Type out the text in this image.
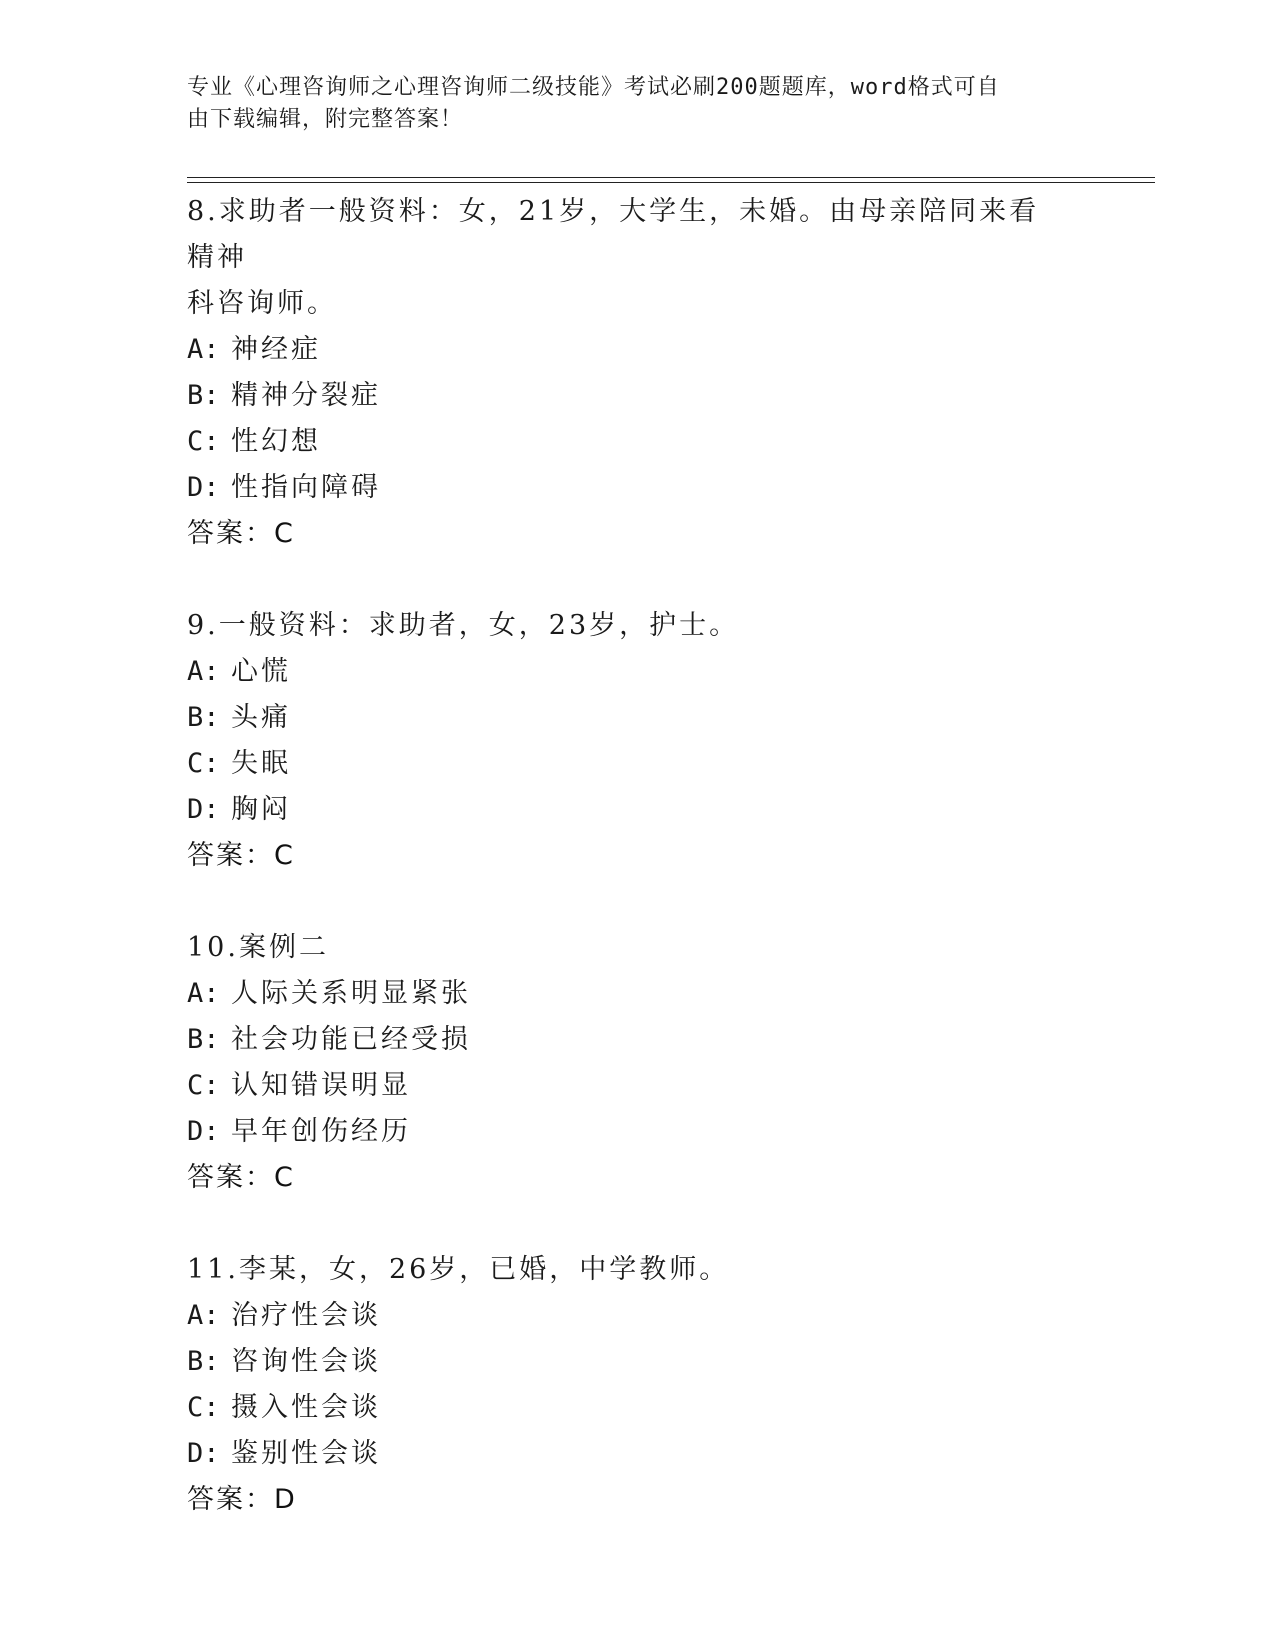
专业《心理咨询师之心理咨询师二级技能》考试必刷200题题库，word格式可自
由下载编辑，附完整答案！
8.求助者一般资料：女，21岁，大学生，未婚。由母亲陪同来看精神
科咨询师。
A: 神经症
B: 精神分裂症
C: 性幻想
D: 性指向障碍
答案：C
9.一般资料：求助者，女，23岁，护士。
A: 心慌
B: 头痛
C: 失眠
D: 胸闷
答案：C
10.案例二
A: 人际关系明显紧张
B: 社会功能已经受损
C: 认知错误明显
D: 早年创伤经历
答案：C
11.李某，女，26岁，已婚，中学教师。
A: 治疗性会谈
B: 咨询性会谈
C: 摄入性会谈
D: 鉴别性会谈
答案：D
